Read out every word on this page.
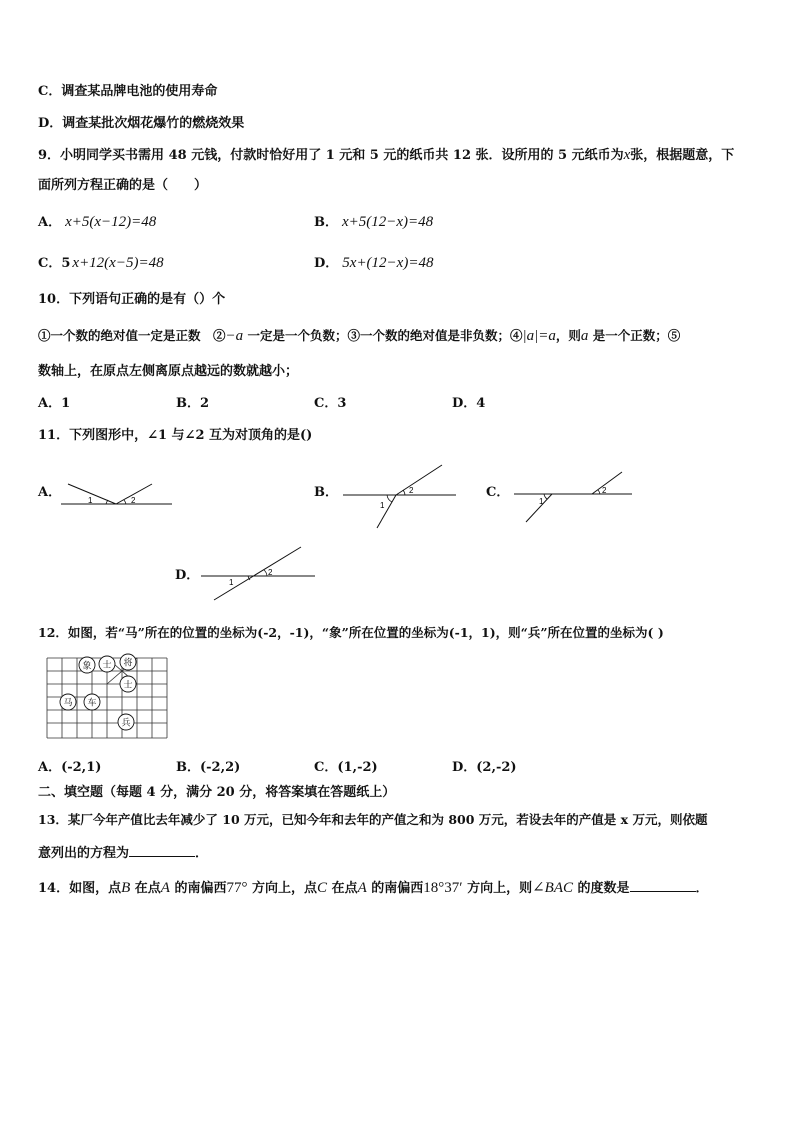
C．调查某品牌电池的使用寿命
D．调查某批次烟花爆竹的燃烧效果
9．小明同学买书需用 48 元钱，付款时恰好用了 1 元和 5 元的纸币共 12 张．设所用的 5 元纸币为x张，根据题意，下
面所列方程正确的是（　　）
A． x+5(x−12)=48	B． x+5(12−x)=48
C．5 x+12(x−5)=48	D． 5x+(12−x)=48
10．下列语句正确的是有（）个
①一个数的绝对值一定是正数　②−a 一定是一个负数；③一个数的绝对值是非负数；④|a|=a，则a 是一个正数；⑤
数轴上，在原点左侧离原点越远的数就越小；
A．1	B．2	C．3	D．4
11．下列图形中，∠1 与∠2 互为对顶角的是()
A．
1	2
B．
1
2	C．
1
2
D．	1
2
12．如图，若“马”所在的位置的坐标为(-2，-1)，“象”所在位置的坐标为(-1，1)，则“兵”所在位置的坐标为( )
象 士 将
士
马 车
兵
A．(-2,1)	B．(-2,2)	C．(1,-2)	D．(2,-2)
二、填空题（每题 4 分，满分 20 分，将答案填在答题纸上）
13．某厂今年产值比去年减少了 10 万元，已知今年和去年的产值之和为 800 万元，若设去年的产值是 x 万元，则依题
意列出的方程为	．
14．如图，点B 在点A 的南偏西77° 方向上，点C 在点A 的南偏西18°37′ 方向上，则∠BAC 的度数是	．
